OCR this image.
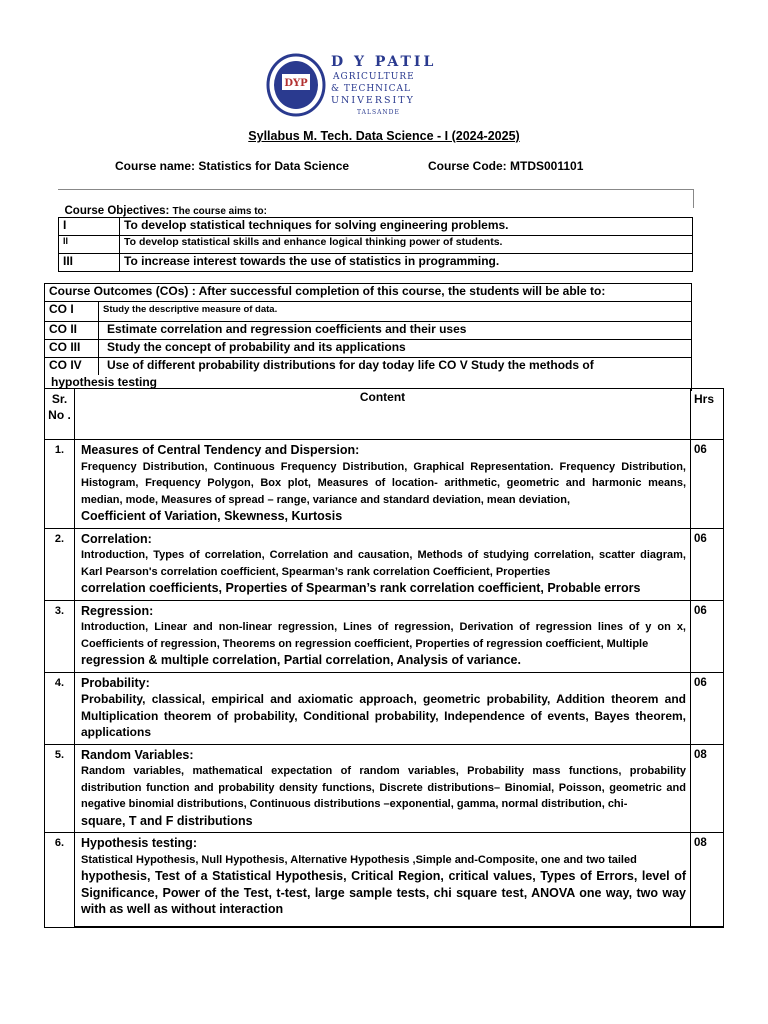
DYP
D Y PATIL
AGRICULTURE
& TECHNICAL
UNIVERSITY
TALSANDE
Syllabus M. Tech. Data Science - I (2024-2025)
Course name: Statistics for Data Science	Course Code: MTDS001101
Course Objectives: The course aims to:	
I	To develop statistical techniques for solving engineering problems.
II	To develop statistical skills and enhance logical thinking power of students.
III	To increase interest towards the use of statistics in programming.
Course Outcomes (COs) : After successful completion of this course, the students will be able to:	
CO I	Study the descriptive measure of data.
CO II	Estimate correlation and regression coefficients and their uses
CO III	Study the concept of probability and its applications
CO IV	Use of different probability distributions for day today life CO V Study the methods of
hypothesis testing	
Sr. No .	Content	Hrs
1.	Measures of Central Tendency and Dispersion:
Frequency Distribution, Continuous Frequency Distribution, Graphical Representation. Frequency Distribution, Histogram, Frequency Polygon, Box plot, Measures of location- arithmetic, geometric and harmonic means, median, mode, Measures of spread – range, variance and standard deviation, mean deviation,
Coefficient of Variation, Skewness, Kurtosis	06
2.	Correlation:
Introduction, Types of correlation, Correlation and causation, Methods of studying correlation, scatter diagram, Karl Pearson's correlation coefficient, Spearman’s rank correlation Coefficient, Properties
correlation coefficients, Properties of Spearman’s rank correlation coefficient, Probable errors	06
3.	Regression:
Introduction, Linear and non-linear regression, Lines of regression, Derivation of regression lines of y on x, Coefficients of regression, Theorems on regression coefficient, Properties of regression coefficient, Multiple
regression & multiple correlation, Partial correlation, Analysis of variance.	06
4.	Probability:
Probability, classical, empirical and axiomatic approach, geometric probability, Addition theorem and Multiplication theorem of probability, Conditional probability, Independence of events, Bayes theorem, applications	06
5.	Random Variables:
Random variables, mathematical expectation of random variables, Probability mass functions, probability distribution function and probability density functions, Discrete distributions– Binomial, Poisson, geometric and negative binomial distributions, Continuous distributions –exponential, gamma, normal distribution, chi-
square, T and F distributions	08
6.	Hypothesis testing:
Statistical Hypothesis, Null Hypothesis, Alternative Hypothesis ,Simple and-Composite, one and two tailed
hypothesis, Test of a Statistical Hypothesis, Critical Region, critical values, Types of Errors, level of Significance, Power of the Test, t-test, large sample tests, chi square test, ANOVA one way, two way with as well as without interaction	08
